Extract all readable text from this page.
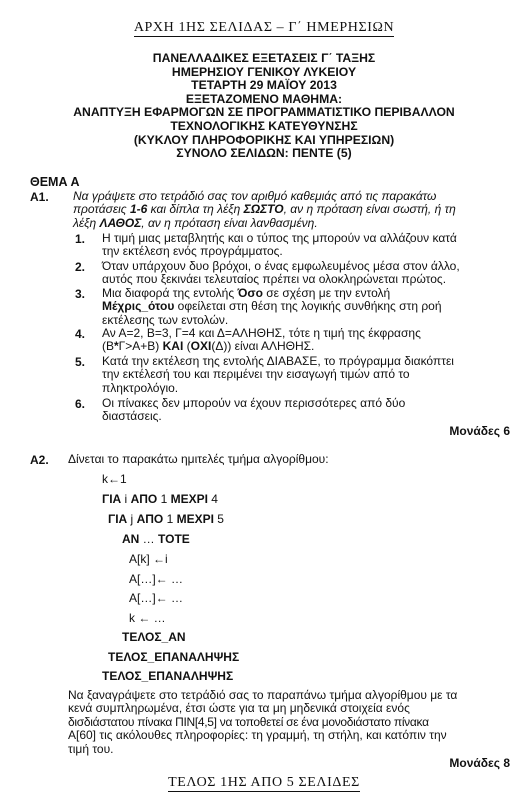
ΑΡΧΗ 1ΗΣ ΣΕΛΙΔΑΣ – Γ΄ ΗΜΕΡΗΣΙΩΝ
ΠΑΝΕΛΛΑΔΙΚΕΣ ΕΞΕΤΑΣΕΙΣ Γ΄ ΤΑΞΗΣ
ΗΜΕΡΗΣΙΟΥ ΓΕΝΙΚΟΥ ΛΥΚΕΙΟΥ
ΤΕΤΑΡΤΗ 29 ΜΑΪΟΥ 2013
ΕΞΕΤΑΖΟΜΕΝΟ ΜΑΘΗΜΑ:
ΑΝΑΠΤΥΞΗ ΕΦΑΡΜΟΓΩΝ ΣΕ ΠΡΟΓΡΑΜΜΑΤΙΣΤΙΚΟ ΠΕΡΙΒΑΛΛΟΝ
ΤΕΧΝΟΛΟΓΙΚΗΣ ΚΑΤΕΥΘΥΝΣΗΣ
(ΚΥΚΛΟΥ ΠΛΗΡΟΦΟΡΙΚΗΣ ΚΑΙ ΥΠΗΡΕΣΙΩΝ)
ΣΥΝΟΛΟ ΣΕΛΙΔΩΝ: ΠΕΝΤΕ (5)
ΘΕΜΑ Α
Α1. Να γράψετε στο τετράδιό σας τον αριθμό καθεμιάς από τις παρακάτω
προτάσεις 1-6 και δίπλα τη λέξη ΣΩΣΤΟ, αν η πρόταση είναι σωστή, ή τη
λέξη ΛΑΘΟΣ, αν η πρόταση είναι λανθασμένη.
1. Η τιμή μιας μεταβλητής και ο τύπος της μπορούν να αλλάζουν κατά
την εκτέλεση ενός προγράμματος.
2. Όταν υπάρχουν δυο βρόχοι, ο ένας εμφωλευμένος μέσα στον άλλο,
αυτός που ξεκινάει τελευταίος πρέπει να ολοκληρώνεται πρώτος.
3. Μια διαφορά της εντολής Όσο σε σχέση με την εντολή
Μέχρις_ότου οφείλεται στη θέση της λογικής συνθήκης στη ροή
εκτέλεσης των εντολών.
4. Αν Α=2, Β=3, Γ=4 και Δ=ΑΛΗΘΗΣ, τότε η τιμή της έκφρασης
(Β*Γ>Α+Β) ΚΑΙ (ΟΧΙ(Δ)) είναι ΑΛΗΘΗΣ.
5. Κατά την εκτέλεση της εντολής ΔΙΑΒΑΣΕ, το πρόγραμμα διακόπτει
την εκτέλεσή του και περιμένει την εισαγωγή τιμών από το
πληκτρολόγιο.
6. Οι πίνακες δεν μπορούν να έχουν περισσότερες από δύο
διαστάσεις.
Μονάδες 6
Α2. Δίνεται το παρακάτω ημιτελές τμήμα αλγορίθμου:
k←1
ΓΙΑ i ΑΠΟ 1 ΜΕΧΡΙ 4
ΓΙΑ j ΑΠΟ 1 ΜΕΧΡΙ 5
ΑΝ … ΤΟΤΕ
A[k] ←i
A[…]← …
A[…]← …
k ← …
ΤΕΛΟΣ_ΑΝ
ΤΕΛΟΣ_ΕΠΑΝΑΛΗΨΗΣ
ΤΕΛΟΣ_ΕΠΑΝΑΛΗΨΗΣ
Να ξαναγράψετε στο τετράδιό σας το παραπάνω τμήμα αλγορίθμου με τα
κενά συμπληρωμένα, έτσι ώστε για τα μη μηδενικά στοιχεία ενός
δισδιάστατου πίνακα ΠΙΝ[4,5] να τοποθετεί σε ένα μονοδιάστατο πίνακα
A[60] τις ακόλουθες πληροφορίες: τη γραμμή, τη στήλη, και κατόπιν την
τιμή του.
Μονάδες 8
ΤΕΛΟΣ 1ΗΣ ΑΠΟ 5 ΣΕΛΙΔΕΣ
